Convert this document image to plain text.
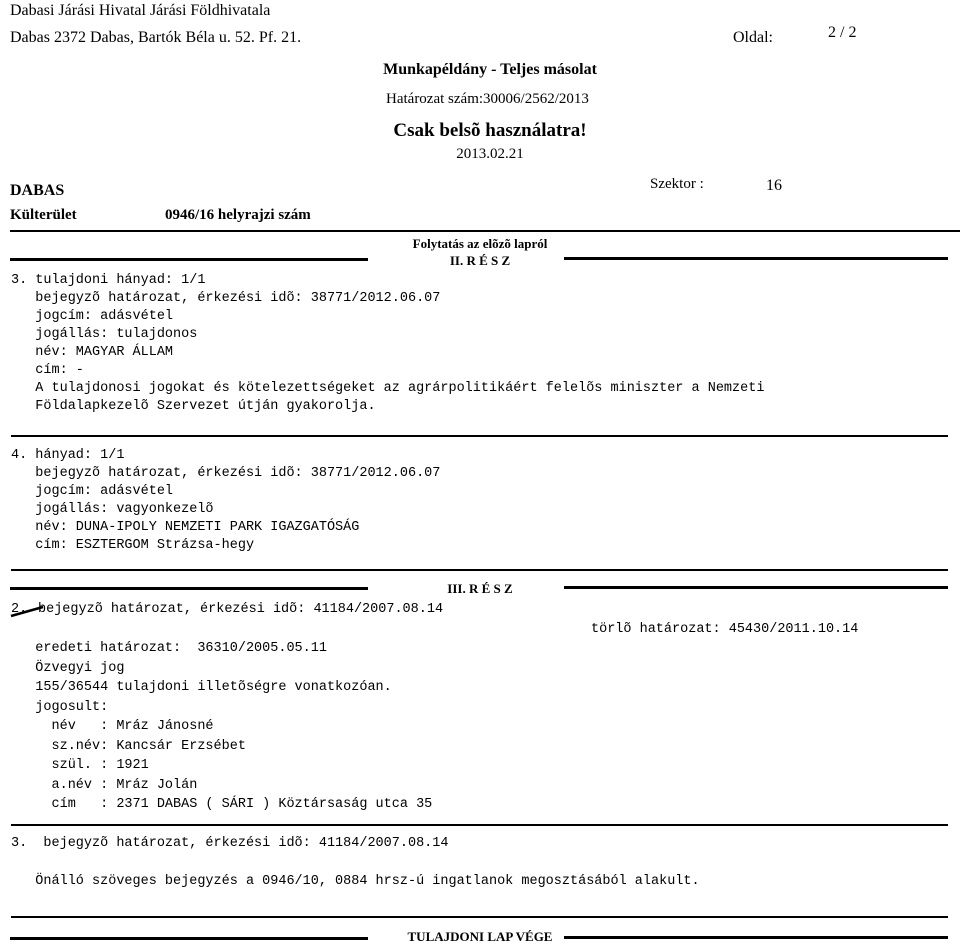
Dabasi Járási Hivatal Járási Földhivatala
Dabas 2372 Dabas, Bartók Béla u. 52. Pf. 21.	Oldal:	2 / 2
Munkapéldány - Teljes másolat
Határozat szám:30006/2562/2013
Csak belsõ használatra!
2013.02.21
DABAS	Szektor :	16
Külterület	0946/16 helyrajzi szám
Folytatás az elõzõ lapról
II. R É S Z
3. tulajdoni hányad: 1/1
bejegyzõ határozat, érkezési idõ: 38771/2012.06.07
jogcím: adásvétel
jogállás: tulajdonos
név: MAGYAR ÁLLAM
cím: -
A tulajdonosi jogokat és kötelezettségeket az agrárpolitikáért felelõs miniszter a Nemzeti
Földalapkezelõ Szervezet útján gyakorolja.
4. hányad: 1/1
bejegyzõ határozat, érkezési idõ: 38771/2012.06.07
jogcím: adásvétel
jogállás: vagyonkezelõ
név: DUNA-IPOLY NEMZETI PARK IGAZGATÓSÁG
cím: ESZTERGOM Strázsa-hegy
III. R É S Z
2. bejegyzõ határozat, érkezési idõ: 41184/2007.08.14
törlõ határozat: 45430/2011.10.14
eredeti határozat:  36310/2005.05.11
Özvegyi jog
155/36544 tulajdoni illetõségre vonatkozóan.
jogosult:
név   : Mráz Jánosné
sz.név: Kancsár Erzsébet
szül. : 1921
a.név : Mráz Jolán
cím   : 2371 DABAS ( SÁRI ) Köztársaság utca 35
3.  bejegyzõ határozat, érkezési idõ: 41184/2007.08.14
Önálló szöveges bejegyzés a 0946/10, 0884 hrsz-ú ingatlanok megosztásából alakult.
TULAJDONI LAP VÉGE
